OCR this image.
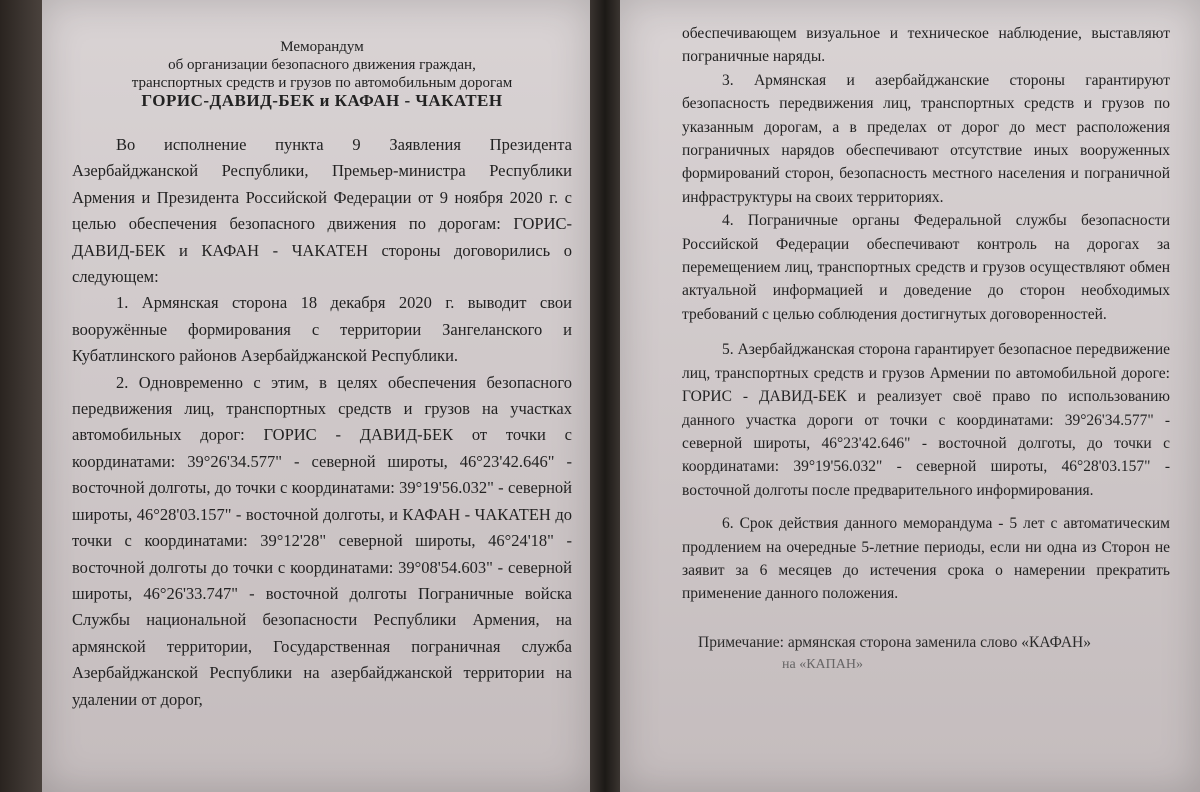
Меморандум

об организации безопасного движения граждан,

транспортных средств и грузов по автомобильным дорогам

ГОРИС-ДАВИД-БЕК и КАФАН - ЧАКАТЕН

Во исполнение пункта 9 Заявления Президента Азербайджанской Республики, Премьер-министра Республики Армения и Президента Российской Федерации от 9 ноября 2020 г. с целью обеспечения безопасного движения по дорогам: ГОРИС-ДАВИД-БЕК и КАФАН - ЧАКАТЕН стороны договорились о следующем:

1. Армянская сторона 18 декабря 2020 г. выводит свои вооружённые формирования с территории Зангеланского и Кубатлинского районов Азербайджанской Республики.

2. Одновременно с этим, в целях обеспечения безопасного передвижения лиц, транспортных средств и грузов на участках автомобильных дорог: ГОРИС - ДАВИД-БЕК от точки с координатами: 39°26'34.577" - северной широты, 46°23'42.646" - восточной долготы, до точки с координатами: 39°19'56.032" - северной широты, 46°28'03.157" - восточной долготы, и КАФАН - ЧАКАТЕН до точки с координатами: 39°12'28" северной широты, 46°24'18" - восточной долготы до точки с координатами: 39°08'54.603" - северной широты, 46°26'33.747" - восточной долготы Пограничные войска Службы национальной безопасности Республики Армения, на армянской территории, Государственная пограничная служба Азербайджанской Республики на азербайджанской территории на удалении от дорог,

обеспечивающем визуальное и техническое наблюдение, выставляют пограничные наряды.

3. Армянская и азербайджанские стороны гарантируют безопасность передвижения лиц, транспортных средств и грузов по указанным дорогам, а в пределах от дорог до мест расположения пограничных нарядов обеспечивают отсутствие иных вооруженных формирований сторон, безопасность местного населения и пограничной инфраструктуры на своих территориях.

4. Пограничные органы Федеральной службы безопасности Российской Федерации обеспечивают контроль на дорогах за перемещением лиц, транспортных средств и грузов осуществляют обмен актуальной информацией и доведение до сторон необходимых требований с целью соблюдения достигнутых договоренностей.

5. Азербайджанская сторона гарантирует безопасное передвижение лиц, транспортных средств и грузов Армении по автомобильной дороге: ГОРИС - ДАВИД-БЕК и реализует своё право по использованию данного участка дороги от точки с координатами: 39°26'34.577" - северной широты, 46°23'42.646" - восточной долготы, до точки с координатами: 39°19'56.032" - северной широты, 46°28'03.157" - восточной долготы после предварительного информирования.

6. Срок действия данного меморандума - 5 лет с автоматическим продлением на очередные 5-летние периоды, если ни одна из Сторон не заявит за 6 месяцев до истечения срока о намерении прекратить применение данного положения.

Примечание: армянская сторона заменила слово «КАФАН»

на «КАПАН»
